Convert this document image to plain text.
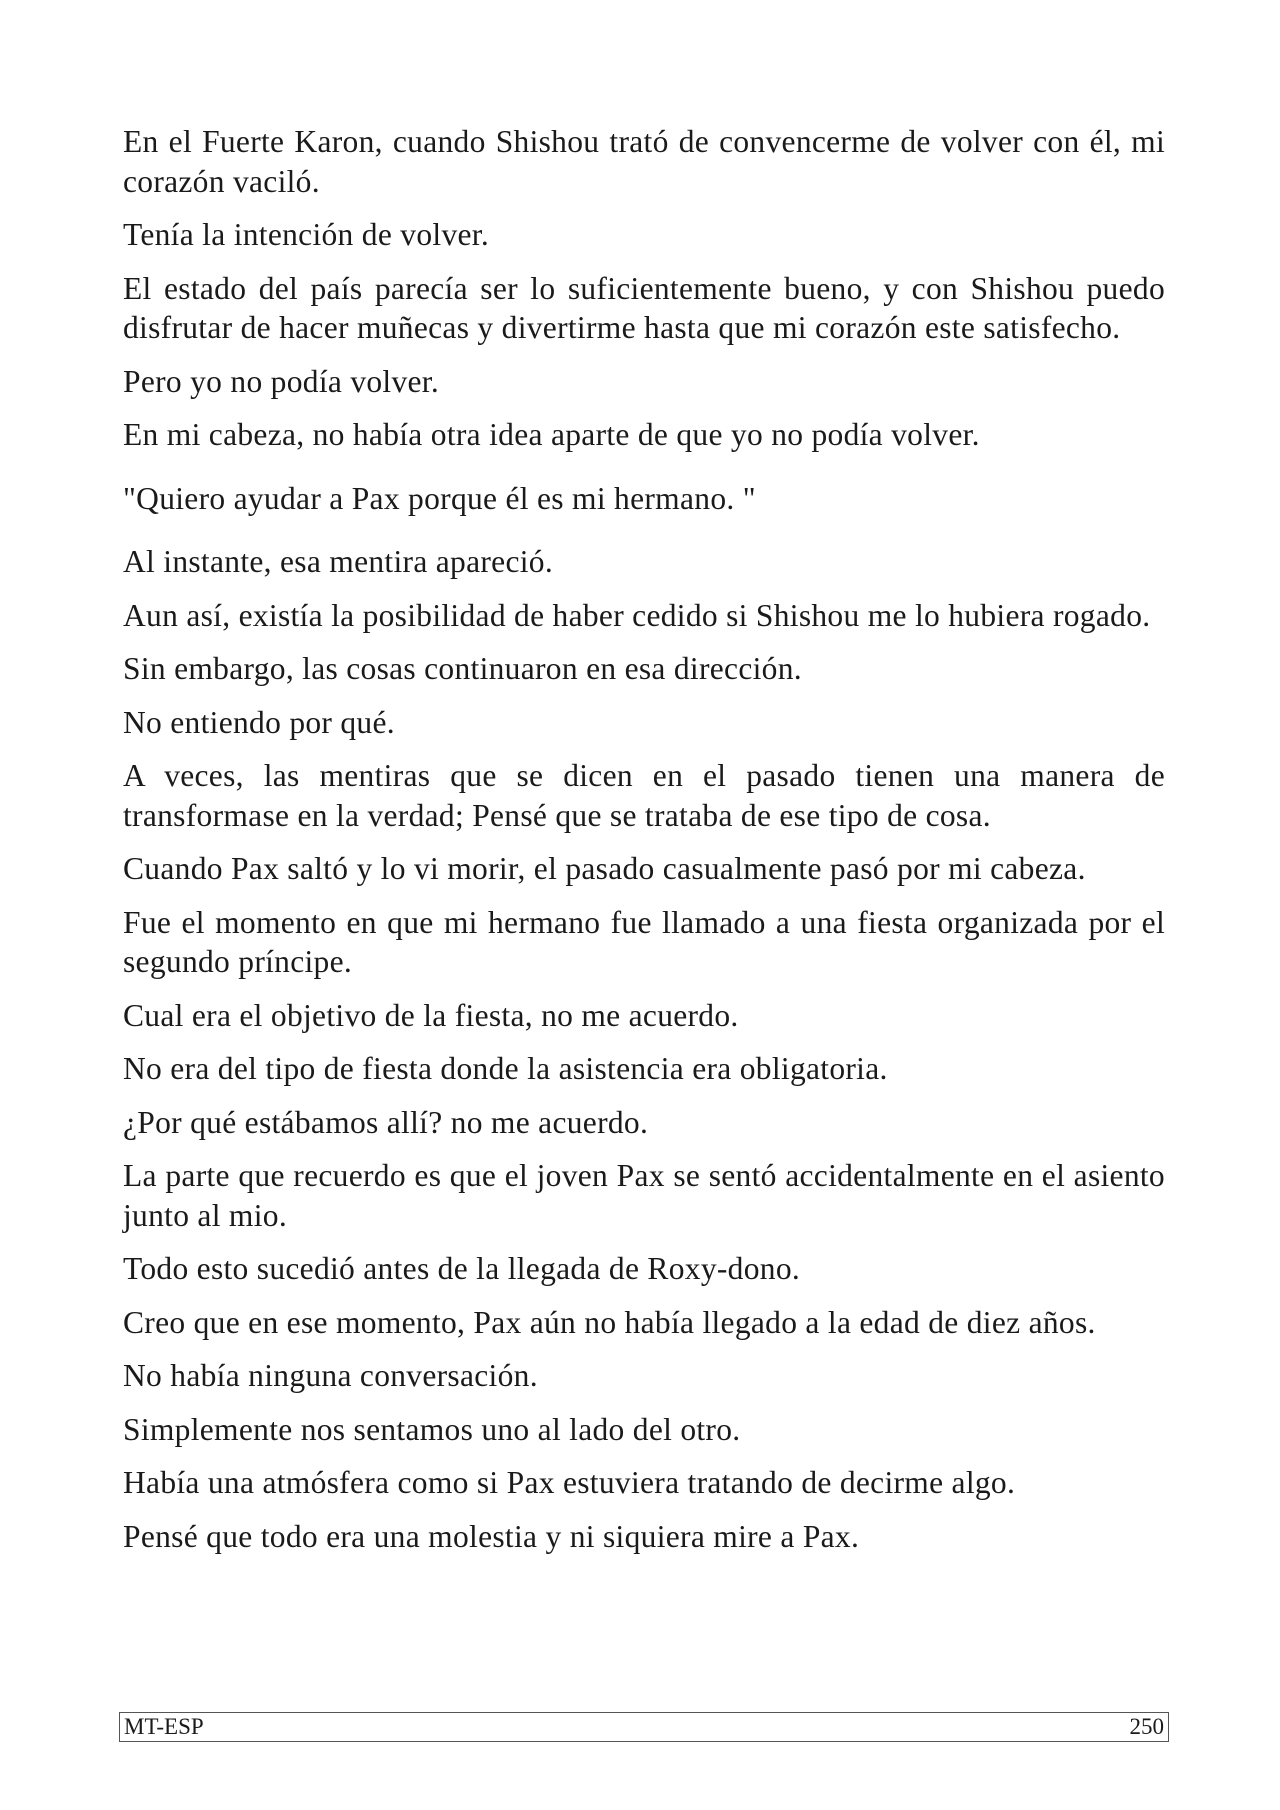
En el Fuerte Karon, cuando Shishou trató de convencerme de volver con él, mi corazón vaciló.

Tenía la intención de volver.

El estado del país parecía ser lo suficientemente bueno, y con Shishou puedo disfrutar de hacer muñecas y divertirme hasta que mi corazón este satisfecho.

Pero yo no podía volver.

En mi cabeza, no había otra idea aparte de que yo no podía volver.

"Quiero ayudar a Pax porque él es mi hermano. "

Al instante, esa mentira apareció.

Aun así, existía la posibilidad de haber cedido si Shishou me lo hubiera rogado.

Sin embargo, las cosas continuaron en esa dirección.

No entiendo por qué.

A veces, las mentiras que se dicen en el pasado tienen una manera de transformase en la verdad; Pensé que se trataba de ese tipo de cosa.

Cuando Pax saltó y lo vi morir, el pasado casualmente pasó por mi cabeza.

Fue el momento en que mi hermano fue llamado a una fiesta organizada por el segundo príncipe.

Cual era el objetivo de la fiesta, no me acuerdo.

No era del tipo de fiesta donde la asistencia era obligatoria.

¿Por qué estábamos allí? no me acuerdo.

La parte que recuerdo es que el joven Pax se sentó accidentalmente en el asiento junto al mio.

Todo esto sucedió antes de la llegada de Roxy-dono.

Creo que en ese momento, Pax aún no había llegado a la edad de diez años.

No había ninguna conversación.

Simplemente nos sentamos uno al lado del otro.

Había una atmósfera como si Pax estuviera tratando de decirme algo.

Pensé que todo era una molestia y ni siquiera mire a Pax.

MT-ESP	250
